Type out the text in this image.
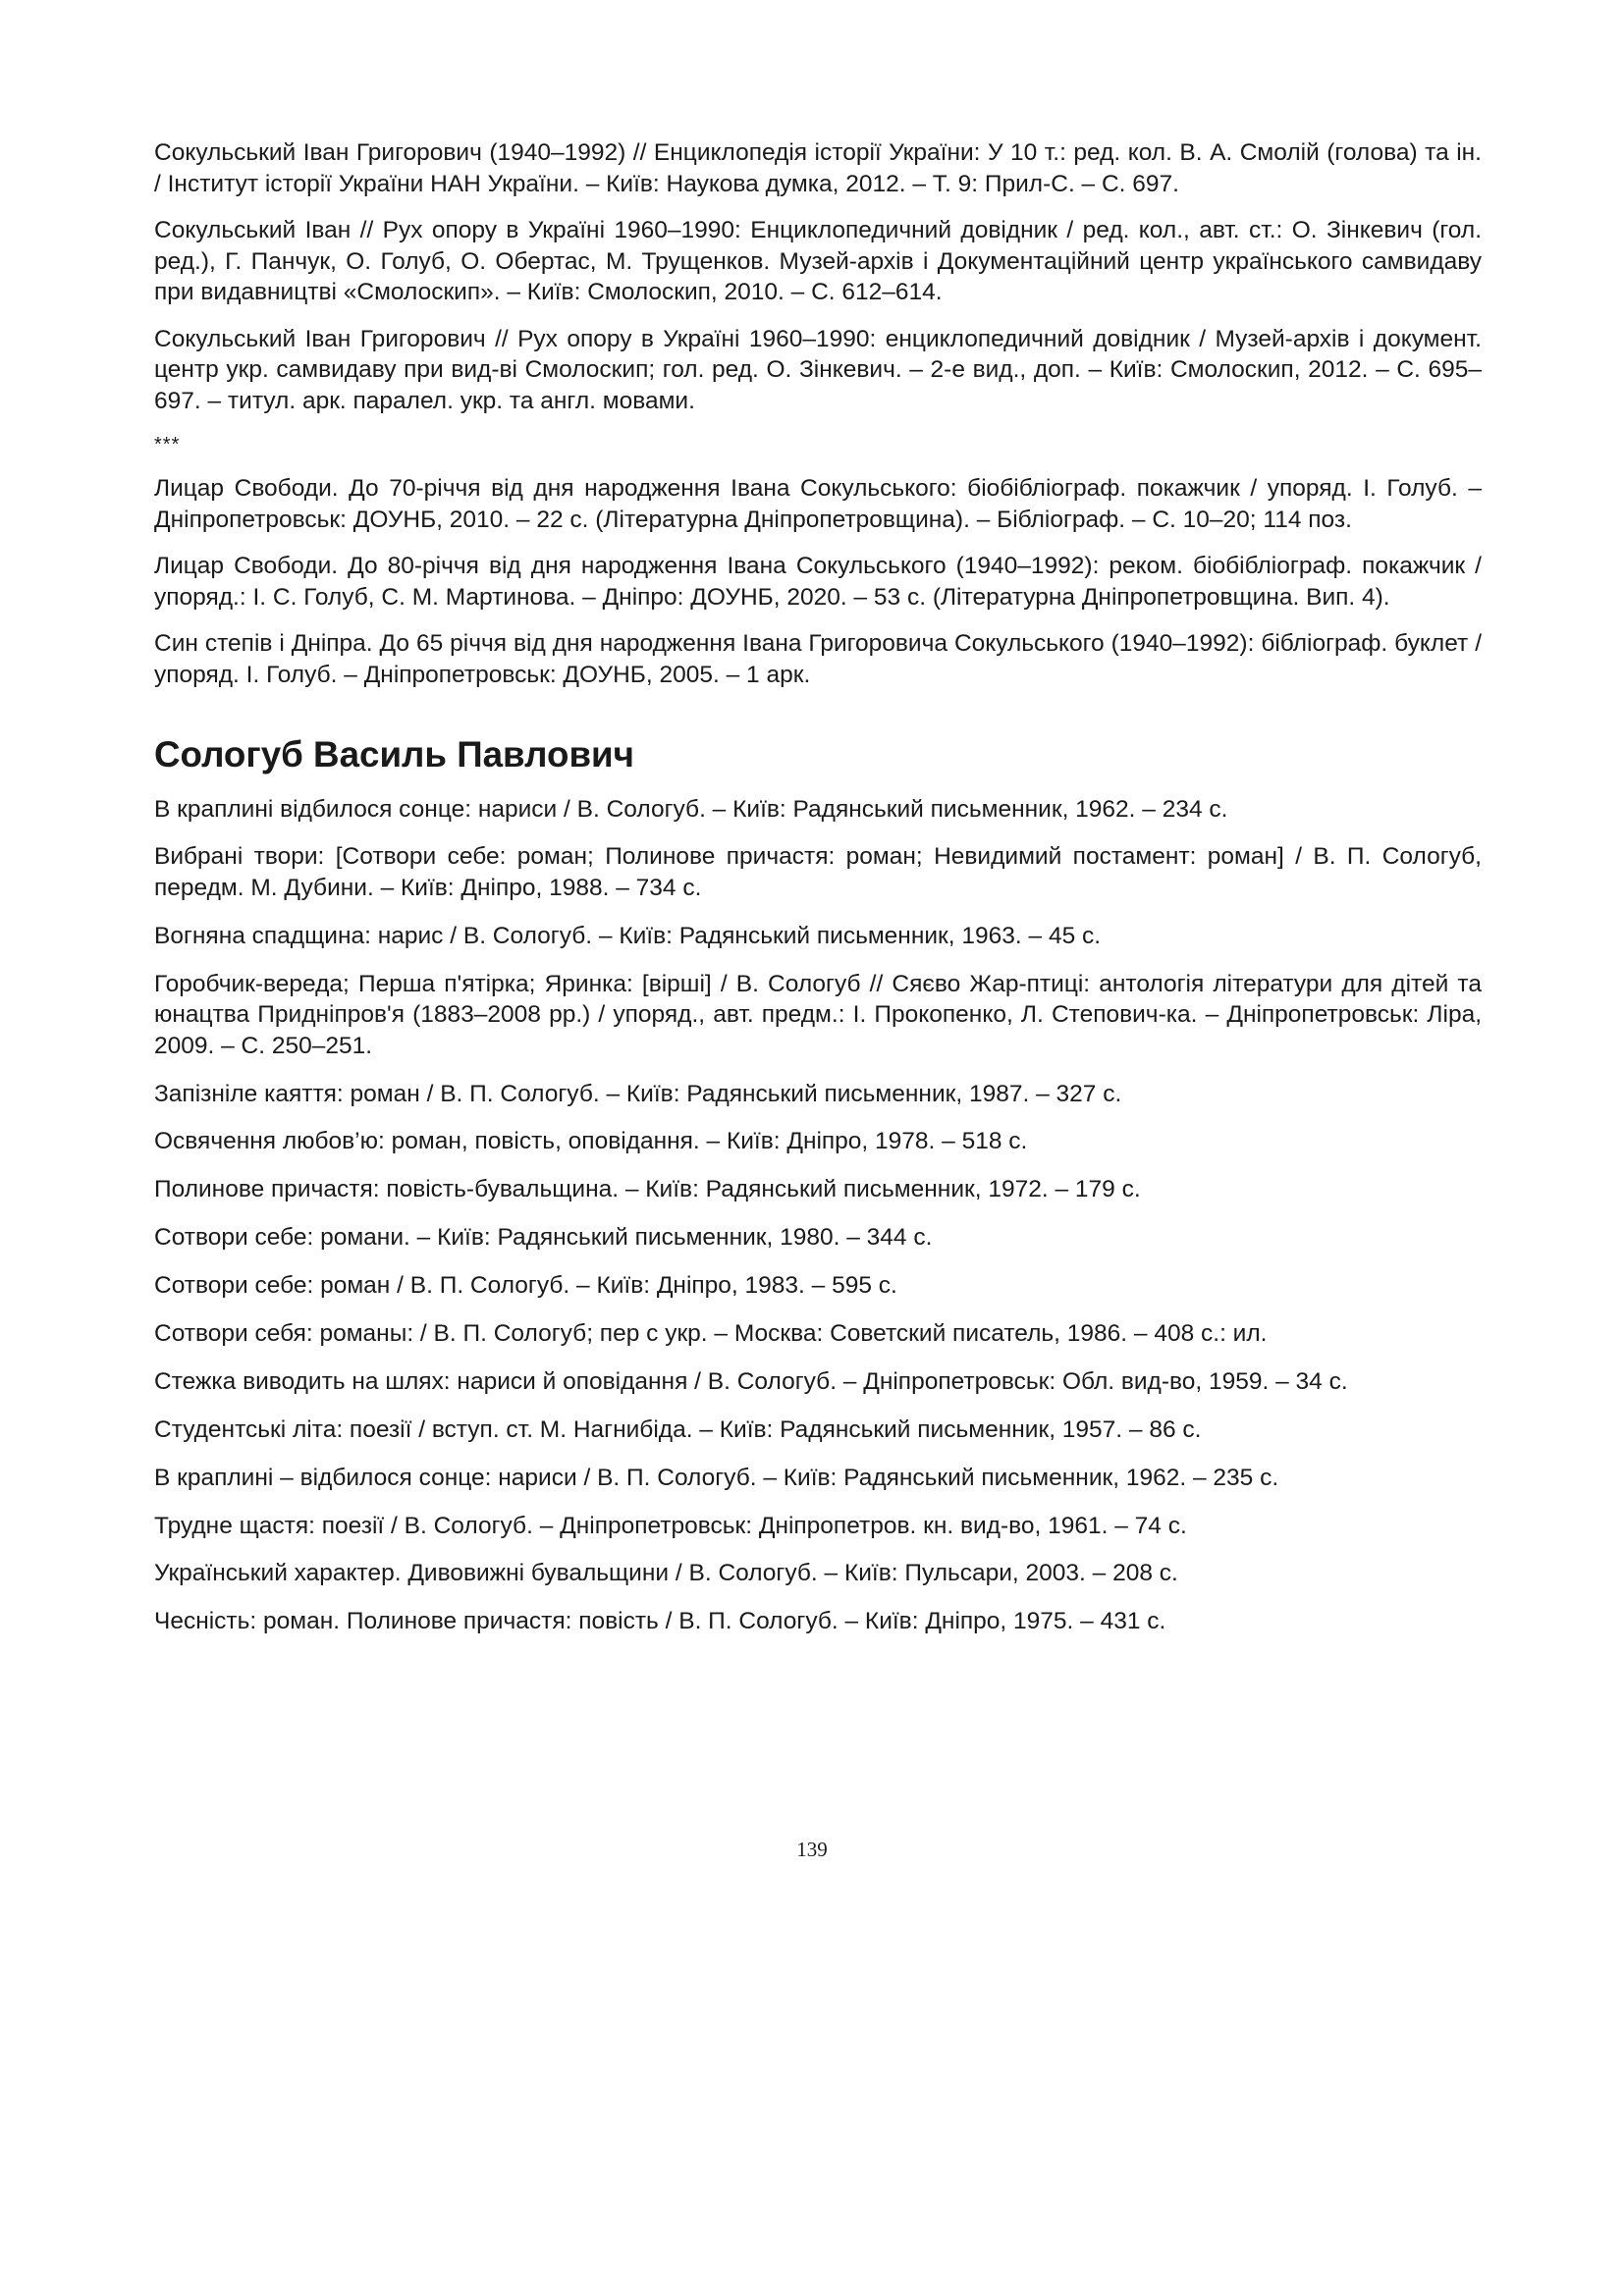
Сокульський Іван Григорович (1940–1992) // Енциклопедія історії України: У 10 т.: ред. кол. В. А. Смолій (голова) та ін. / Інститут історії України НАН України. – Київ: Наукова думка, 2012. – Т. 9: Прил-С. – С. 697.

Сокульський Іван // Рух опору в Україні 1960–1990: Енциклопедичний довідник / ред. кол., авт. ст.: О. Зінкевич (гол. ред.), Г. Панчук, О. Голуб, О. Обертас, М. Трущенков. Музей-архів і Документаційний центр українського самвидаву при видавництві «Смолоскип». – Київ: Смолоскип, 2010. – С. 612–614.

Сокульський Іван Григорович // Рух опору в Україні 1960–1990: енциклопедичний довідник / Музей-архів і документ. центр укр. самвидаву при вид-ві Смолоскип; гол. ред. О. Зінкевич. – 2-е вид., доп. – Київ: Смолоскип, 2012. – С. 695–697. – титул. арк. паралел. укр. та англ. мовами.

***

Лицар Свободи. До 70-річчя від дня народження Івана Сокульського: біобібліограф. покажчик / упоряд. І. Голуб. – Дніпропетровськ: ДОУНБ, 2010. – 22 с. (Літературна Дніпропетровщина). – Бібліограф. – С. 10–20; 114 поз.

Лицар Свободи. До 80-річчя від дня народження Івана Сокульського (1940–1992): реком. біобібліограф. покажчик / упоряд.: І. С. Голуб, С. М. Мартинова. – Дніпро: ДОУНБ, 2020. – 53 с. (Літературна Дніпропетровщина. Вип. 4).

Син степів і Дніпра. До 65 річчя від дня народження Івана Григоровича Сокульського (1940–1992): бібліограф. буклет / упоряд. І. Голуб. – Дніпропетровськ: ДОУНБ, 2005. – 1 арк.

Сологуб Василь Павлович

В краплині відбилося сонце: нариси / В. Сологуб. – Київ: Радянський письменник, 1962. – 234 с.

Вибрані твори: [Сотвори себе: роман; Полинове причастя: роман; Невидимий постамент: роман] / В. П. Сологуб, передм. М. Дубини. – Київ: Дніпро, 1988. – 734 с.

Вогняна спадщина: нарис / В. Сологуб. – Київ: Радянський письменник, 1963. – 45 с.

Горобчик-вереда; Перша п'ятірка; Яринка: [вірші] / В. Сологуб // Сяєво Жар-птиці: антологія літератури для дітей та юнацтва Придніпров'я (1883–2008 рр.) / упоряд., авт. предм.: І. Прокопенко, Л. Степович-ка. – Дніпропетровськ: Ліра, 2009. – С. 250–251.

Запізніле каяття: роман / В. П. Сологуб. – Київ: Радянський письменник, 1987. – 327 с.

Освячення любов’ю: роман, повість, оповідання. – Київ: Дніпро, 1978. – 518 с.

Полинове причастя: повість-бувальщина. – Київ: Радянський письменник, 1972. – 179 с.

Сотвори себе: романи. – Київ: Радянський письменник, 1980. – 344 с.

Сотвори себе: роман / В. П. Сологуб. – Київ: Дніпро, 1983. – 595 с.

Сотвори себя: романы: / В. П. Сологуб; пер с укр. – Москва: Советский писатель, 1986. – 408 с.: ил.

Стежка виводить на шлях: нариси й оповідання / В. Сологуб. – Дніпропетровськ: Обл. вид-во, 1959. – 34 с.

Студентські літа: поезії / вступ. ст. М. Нагнибіда. – Київ: Радянський письменник, 1957. – 86 с.

В краплині – відбилося сонце: нариси / В. П. Сологуб. – Київ: Радянський письменник, 1962. – 235 с.

Трудне щастя: поезії / В. Сологуб. – Дніпропетровськ: Дніпропетров. кн. вид-во, 1961. – 74 с.

Український характер. Дивовижні бувальщини / В. Сологуб. – Київ: Пульсари, 2003. – 208 с.

Чесність: роман. Полинове причастя: повість / В. П. Сологуб. – Київ: Дніпро, 1975. – 431 с.

139
